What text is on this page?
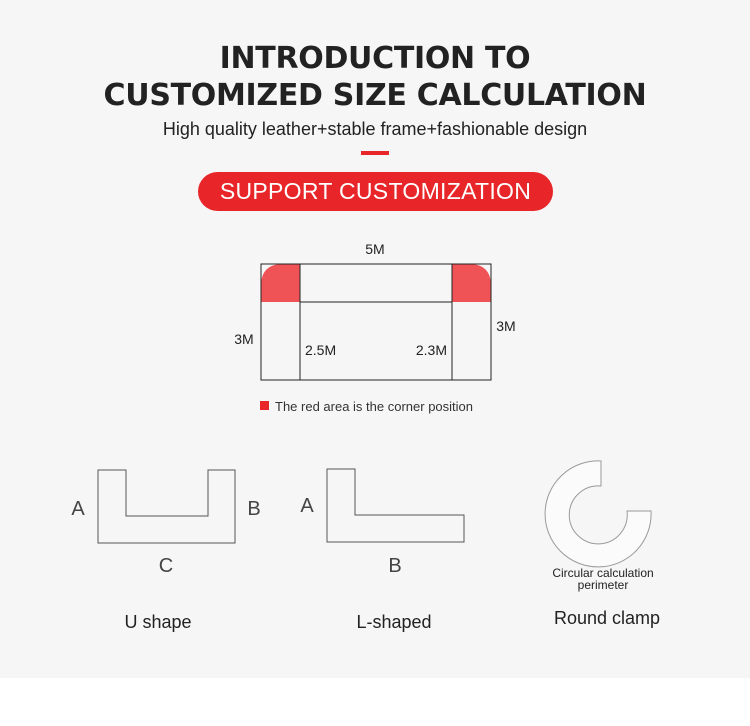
INTRODUCTION TO
CUSTOMIZED SIZE CALCULATION
High quality leather+stable frame+fashionable design
SUPPORT CUSTOMIZATION
5M
3M
3M
2.5M	2.3M
A	B
C
A
B
The red area is the corner position
Circular calculation
perimeter
U shape	L-shaped	Round clamp
